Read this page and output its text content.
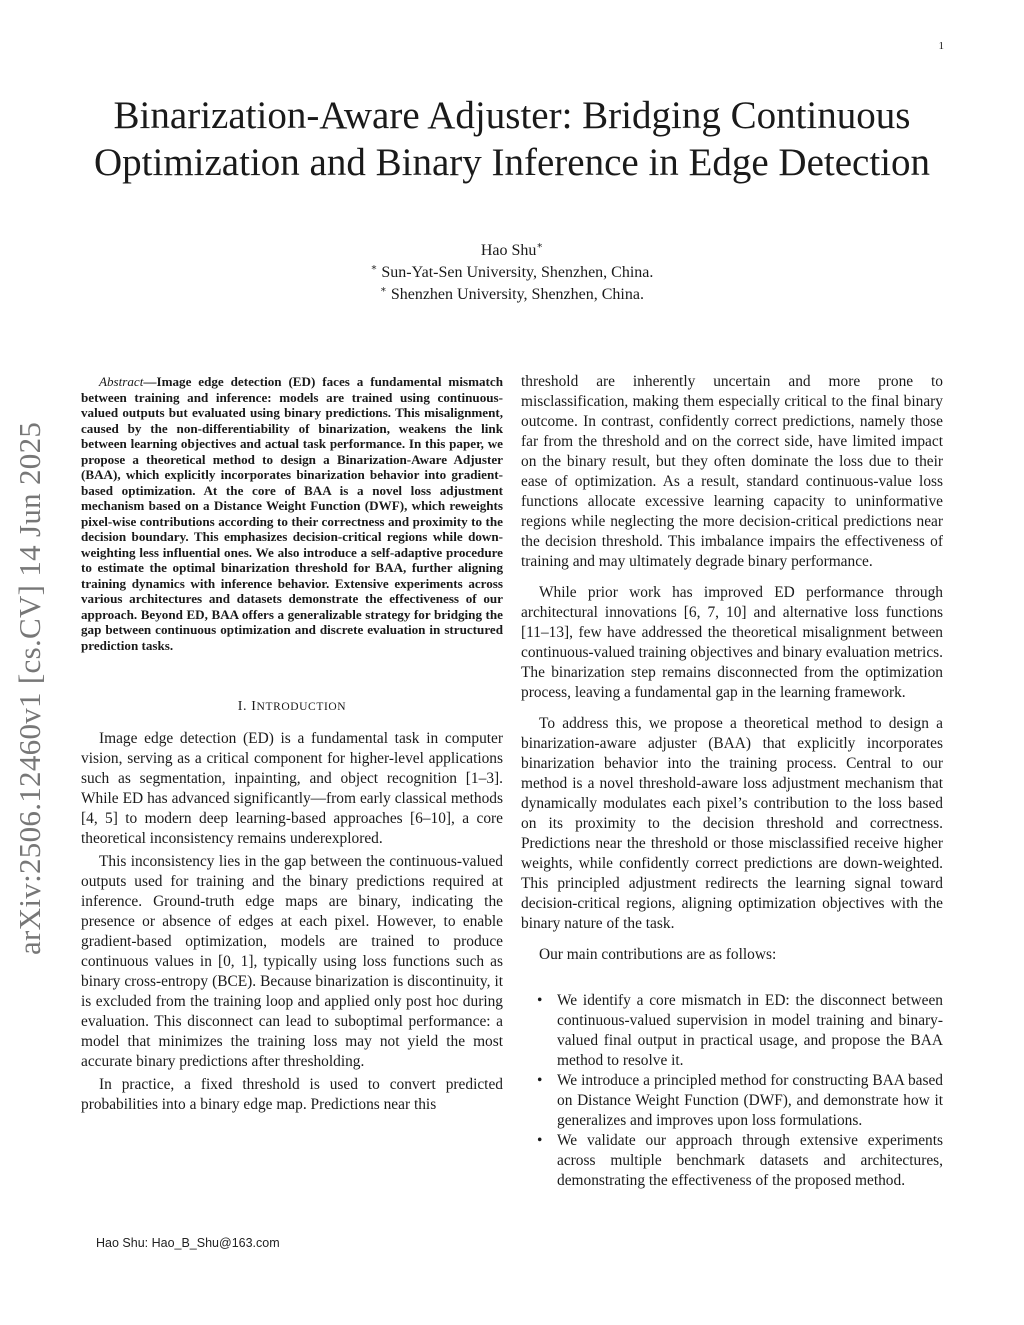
1
Binarization-Aware Adjuster: Bridging Continuous Optimization and Binary Inference in Edge Detection
Hao Shu∗
∗ Sun-Yat-Sen University, Shenzhen, China.
∗ Shenzhen University, Shenzhen, China.
arXiv:2506.12460v1 [cs.CV] 14 Jun 2025

Abstract—Image edge detection (ED) faces a fundamental mismatch between training and inference: models are trained using continuous-valued outputs but evaluated using binary predictions. This misalignment, caused by the non-differentiability of binarization, weakens the link between learning objectives and actual task performance. In this paper, we propose a theoretical method to design a Binarization-Aware Adjuster (BAA), which explicitly incorporates binarization behavior into gradient-based optimization. At the core of BAA is a novel loss adjustment mechanism based on a Distance Weight Function (DWF), which reweights pixel-wise contributions according to their correctness and proximity to the decision boundary. This emphasizes decision-critical regions while down-weighting less influential ones. We also introduce a self-adaptive procedure to estimate the optimal binarization threshold for BAA, further aligning training dynamics with inference behavior. Extensive experiments across various architectures and datasets demonstrate the effectiveness of our approach. Beyond ED, BAA offers a generalizable strategy for bridging the gap between continuous optimization and discrete evaluation in structured prediction tasks.

I. INTRODUCTION

Image edge detection (ED) is a fundamental task in computer vision, serving as a critical component for higher-level applications such as segmentation, inpainting, and object recognition [1–3]. While ED has advanced significantly—from early classical methods [4, 5] to modern deep learning-based approaches [6–10], a core theoretical inconsistency remains underexplored.

This inconsistency lies in the gap between the continuous-valued outputs used for training and the binary predictions required at inference. Ground-truth edge maps are binary, indicating the presence or absence of edges at each pixel. However, to enable gradient-based optimization, models are trained to produce continuous values in [0, 1], typically using loss functions such as binary cross-entropy (BCE). Because binarization is discontinuity, it is excluded from the training loop and applied only post hoc during evaluation. This disconnect can lead to suboptimal performance: a model that minimizes the training loss may not yield the most accurate binary predictions after thresholding.

In practice, a fixed threshold is used to convert predicted probabilities into a binary edge map. Predictions near this

threshold are inherently uncertain and more prone to misclassification, making them especially critical to the final binary outcome. In contrast, confidently correct predictions, namely those far from the threshold and on the correct side, have limited impact on the binary result, but they often dominate the loss due to their ease of optimization. As a result, standard continuous-value loss functions allocate excessive learning capacity to uninformative regions while neglecting the more decision-critical predictions near the decision threshold. This imbalance impairs the effectiveness of training and may ultimately degrade binary performance.

While prior work has improved ED performance through architectural innovations [6, 7, 10] and alternative loss functions [11–13], few have addressed the theoretical misalignment between continuous-valued training objectives and binary evaluation metrics. The binarization step remains disconnected from the optimization process, leaving a fundamental gap in the learning framework.

To address this, we propose a theoretical method to design a binarization-aware adjuster (BAA) that explicitly incorporates binarization behavior into the training process. Central to our method is a novel threshold-aware loss adjustment mechanism that dynamically modulates each pixel’s contribution to the loss based on its proximity to the decision threshold and correctness. Predictions near the threshold or those misclassified receive higher weights, while confidently correct predictions are down-weighted. This principled adjustment redirects the learning signal toward decision-critical regions, aligning optimization objectives with the binary nature of the task.

Our main contributions are as follows:

• We identify a core mismatch in ED: the disconnect between continuous-valued supervision in model training and binary-valued final output in practical usage, and propose the BAA method to resolve it.
• We introduce a principled method for constructing BAA based on Distance Weight Function (DWF), and demonstrate how it generalizes and improves upon loss formulations.
• We validate our approach through extensive experiments across multiple benchmark datasets and architectures, demonstrating the effectiveness of the proposed method.
Hao Shu: Hao_B_Shu@163.com
